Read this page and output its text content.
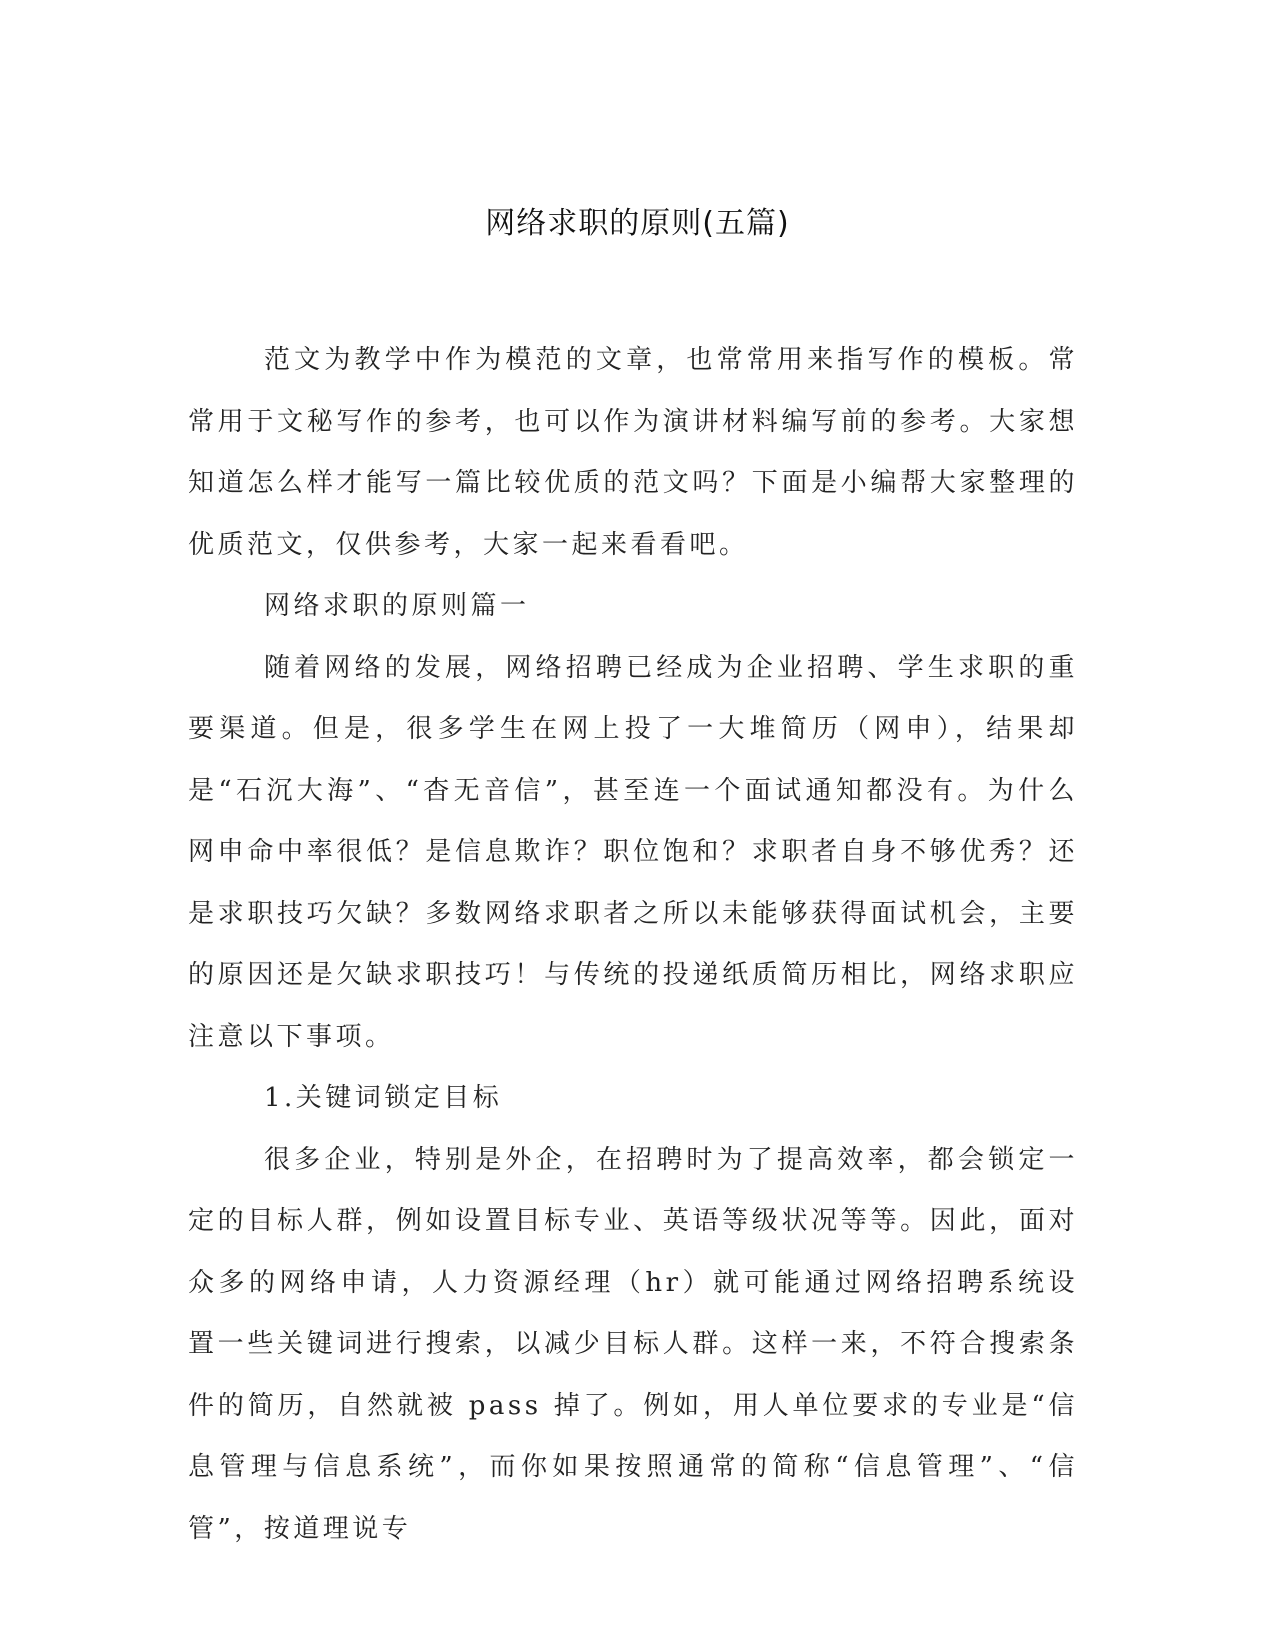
网络求职的原则(五篇)

范文为教学中作为模范的文章，也常常用来指写作的模板。常常用于文秘写作的参考，也可以作为演讲材料编写前的参考。大家想知道怎么样才能写一篇比较优质的范文吗？下面是小编帮大家整理的优质范文，仅供参考，大家一起来看看吧。

网络求职的原则篇一

随着网络的发展，网络招聘已经成为企业招聘、学生求职的重要渠道。但是，很多学生在网上投了一大堆简历（网申），结果却是“石沉大海”、“杳无音信”，甚至连一个面试通知都没有。为什么网申命中率很低？是信息欺诈？职位饱和？求职者自身不够优秀？还是求职技巧欠缺？多数网络求职者之所以未能够获得面试机会，主要的原因还是欠缺求职技巧！与传统的投递纸质简历相比，网络求职应注意以下事项。

1.关键词锁定目标

很多企业，特别是外企，在招聘时为了提高效率，都会锁定一定的目标人群，例如设置目标专业、英语等级状况等等。因此，面对众多的网络申请，人力资源经理（hr）就可能通过网络招聘系统设置一些关键词进行搜索，以减少目标人群。这样一来，不符合搜索条件的简历，自然就被 pass 掉了。例如，用人单位要求的专业是“信息管理与信息系统”，而你如果按照通常的简称“信息管理”、“信管”，按道理说专
